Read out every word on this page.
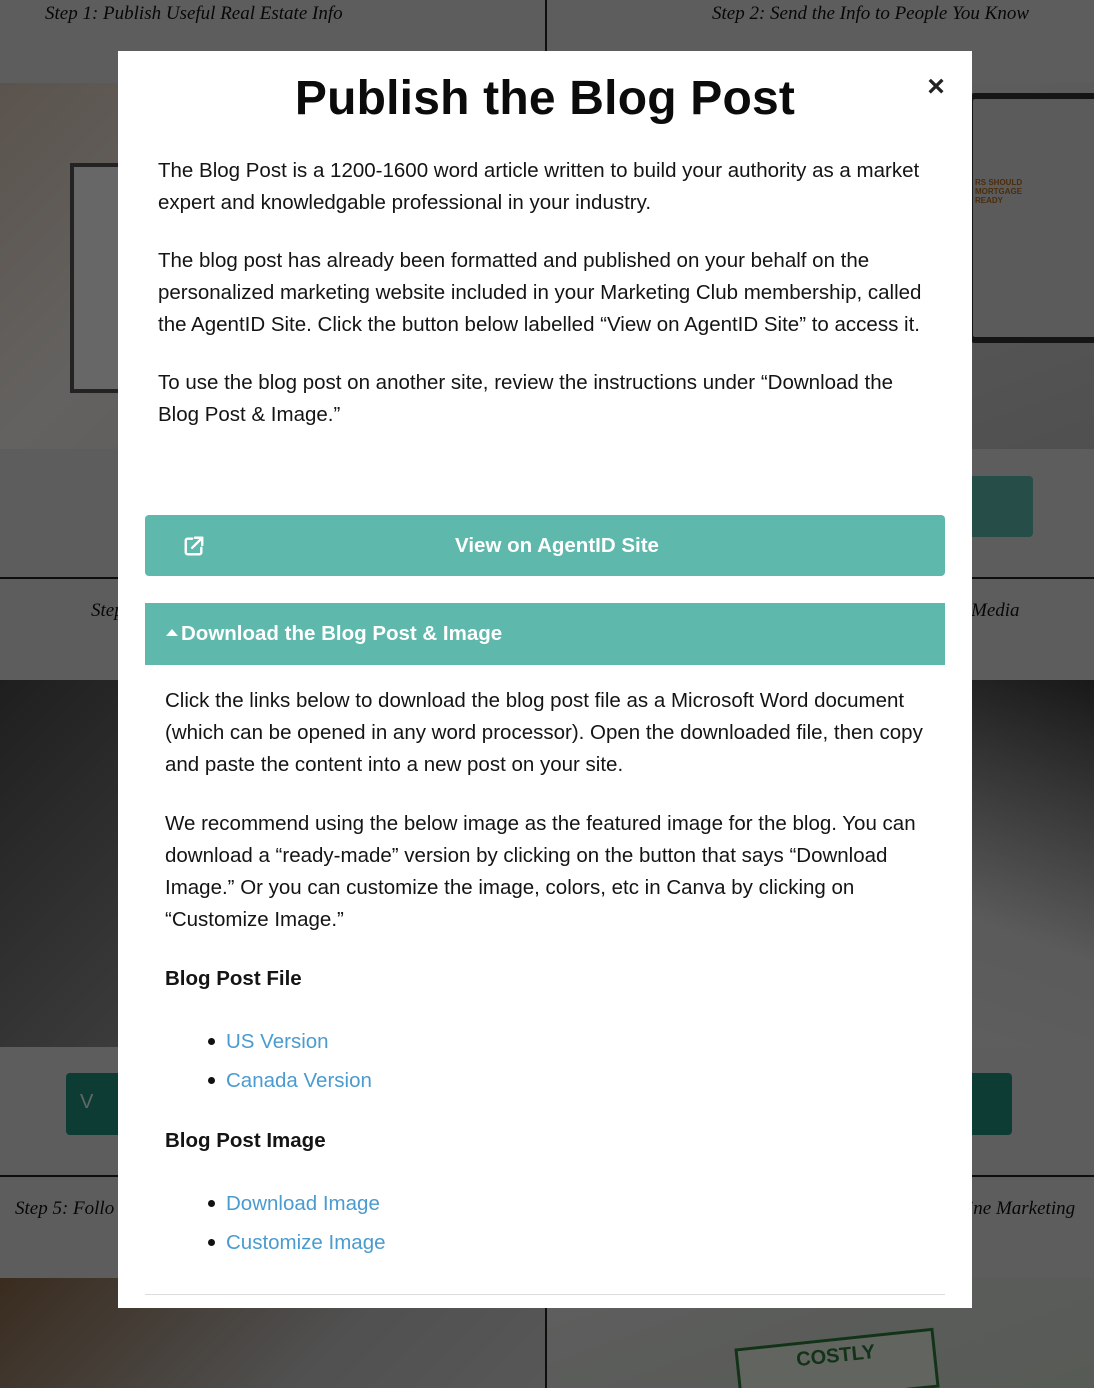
×
Publish the Blog Post

The Blog Post is a 1200-1600 word article written to build your authority as a market expert and knowledgable professional in your industry.

The blog post has already been formatted and published on your behalf on the personalized marketing website included in your Marketing Club membership, called the AgentID Site. Click the button below labelled “View on AgentID Site” to access it.

To use the blog post on another site, review the instructions under “Download the Blog Post & Image.”

View on AgentID Site
Download the Blog Post & Image

Click the links below to download the blog post file as a Microsoft Word document (which can be opened in any word processor). Open the downloaded file, then copy and paste the content into a new post on your site.

We recommend using the below image as the featured image for the blog. You can download a “ready-made” version by clicking on the button that says “Download Image.” Or you can customize the image, colors, etc in Canva by clicking on “Customize Image.”

Blog Post File

US Version
Canada Version

Blog Post Image

Download Image
Customize Image
